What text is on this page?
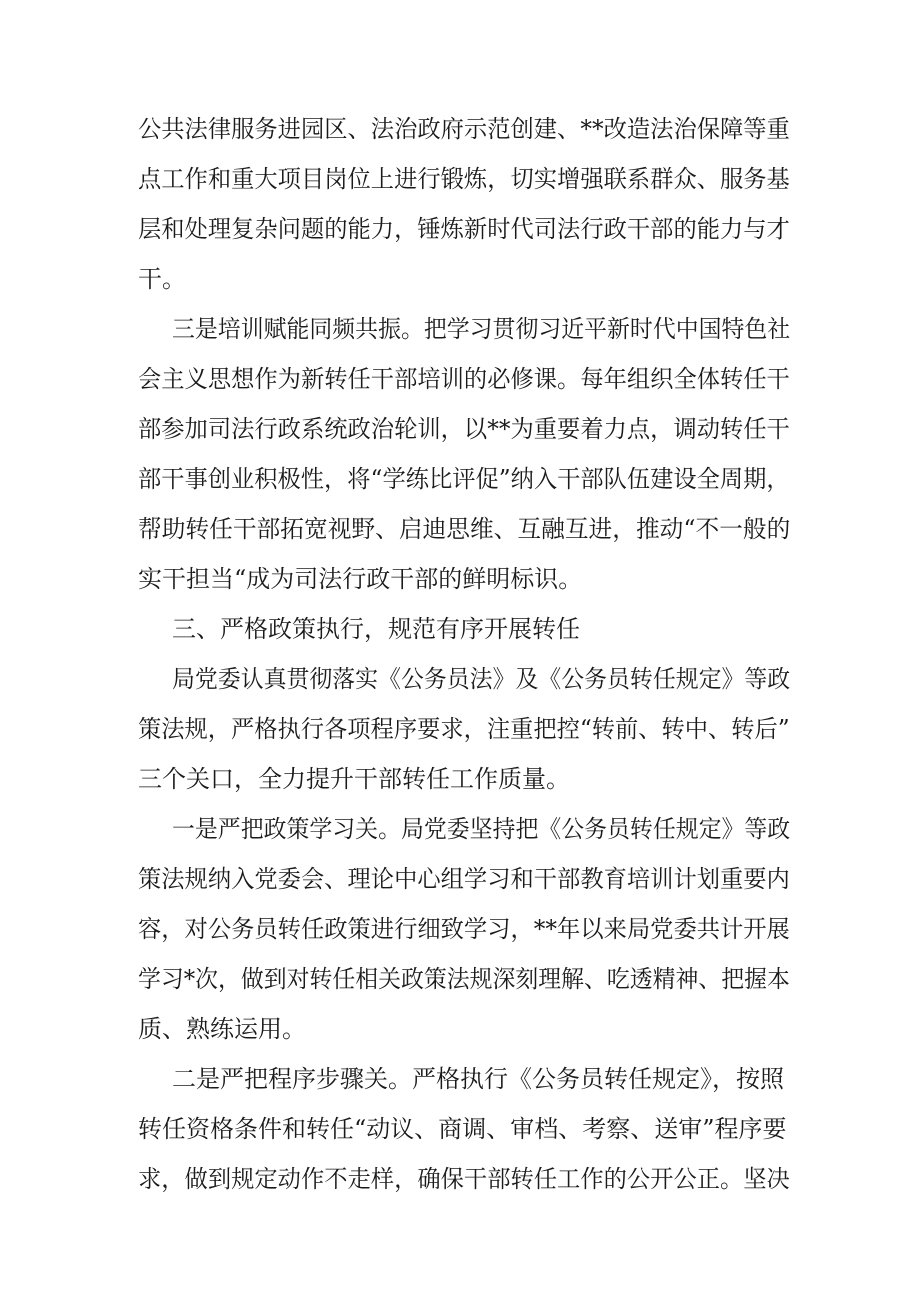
公共法律服务进园区、法治政府示范创建、**改造法治保障等重
点工作和重大项目岗位上进行锻炼，切实增强联系群众、服务基
层和处理复杂问题的能力，锤炼新时代司法行政干部的能力与才
干。
三是培训赋能同频共振。把学习贯彻习近平新时代中国特色社
会主义思想作为新转任干部培训的必修课。每年组织全体转任干
部参加司法行政系统政治轮训，以**为重要着力点，调动转任干
部干事创业积极性，将“学练比评促”纳入干部队伍建设全周期，
帮助转任干部拓宽视野、启迪思维、互融互进，推动“不一般的
实干担当“成为司法行政干部的鲜明标识。
三、严格政策执行，规范有序开展转任
局党委认真贯彻落实《公务员法》及《公务员转任规定》等政
策法规，严格执行各项程序要求，注重把控“转前、转中、转后”
三个关口，全力提升干部转任工作质量。
一是严把政策学习关。局党委坚持把《公务员转任规定》等政
策法规纳入党委会、理论中心组学习和干部教育培训计划重要内
容，对公务员转任政策进行细致学习，**年以来局党委共计开展
学习*次，做到对转任相关政策法规深刻理解、吃透精神、把握本
质、熟练运用。
二是严把程序步骤关。严格执行《公务员转任规定》，按照
转任资格条件和转任“动议、商调、审档、考察、送审”程序要
求，做到规定动作不走样，确保干部转任工作的公开公正。坚决
